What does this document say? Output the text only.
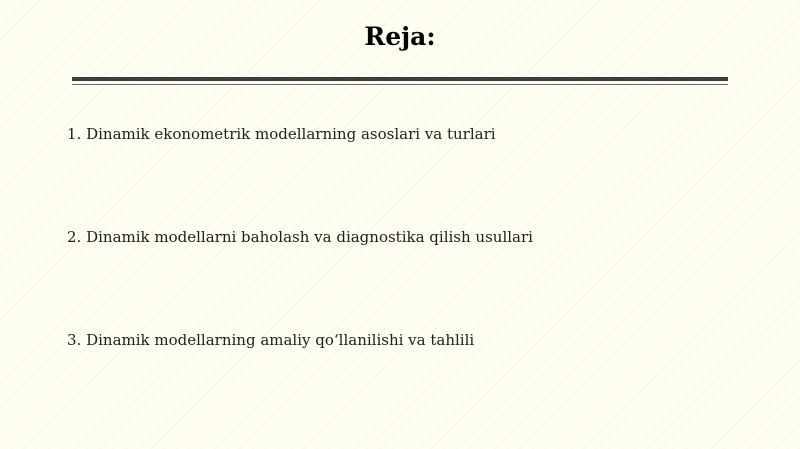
Reja:
1. Dinamik ekonometrik modellarning asoslari va turlari
2. Dinamik modellarni baholash va diagnostika qilish usullari
3. Dinamik modellarning amaliy qo‘llanilishi va tahlili
